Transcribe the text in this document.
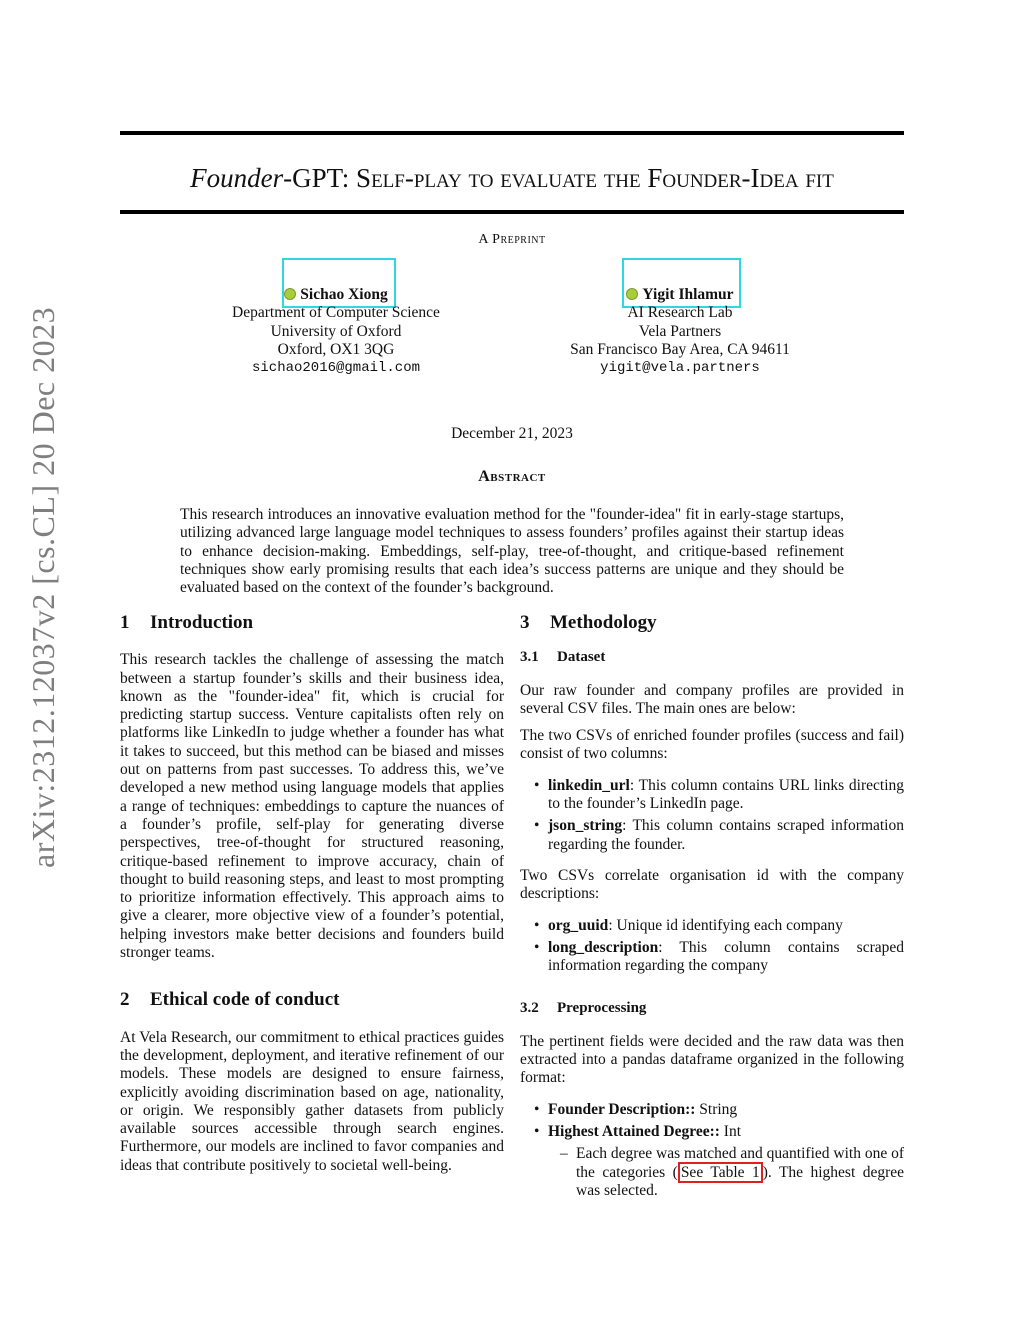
arXiv:2312.12037v2 [cs.CL] 20 Dec 2023
Founder-GPT: Self-play to evaluate the Founder-Idea fit
A Preprint
Sichao Xiong
Department of Computer Science
University of Oxford
Oxford, OX1 3QG
sichao2016@gmail.com
Yigit Ihlamur
AI Research Lab
Vela Partners
San Francisco Bay Area, CA 94611
yigit@vela.partners
December 21, 2023
Abstract
This research introduces an innovative evaluation method for the "founder-idea" fit in early-stage startups, utilizing advanced large language model techniques to assess founders’ profiles against their startup ideas to enhance decision-making. Embeddings, self-play, tree-of-thought, and critique-based refinement techniques show early promising results that each idea’s success patterns are unique and they should be evaluated based on the context of the founder’s background.
1 Introduction

This research tackles the challenge of assessing the match between a startup founder’s skills and their business idea, known as the "founder-idea" fit, which is crucial for predicting startup success. Venture capitalists often rely on platforms like LinkedIn to judge whether a founder has what it takes to succeed, but this method can be biased and misses out on patterns from past successes. To address this, we’ve developed a new method using language models that applies a range of techniques: embeddings to capture the nuances of a founder’s profile, self-play for generating diverse perspectives, tree-of-thought for structured reasoning, critique-based refinement to improve accuracy, chain of thought to build reasoning steps, and least to most prompting to prioritize information effectively. This approach aims to give a clearer, more objective view of a founder’s potential, helping investors make better decisions and founders build stronger teams.

2 Ethical code of conduct

At Vela Research, our commitment to ethical practices guides the development, deployment, and iterative refinement of our models. These models are designed to ensure fairness, explicitly avoiding discrimination based on age, nationality, or origin. We responsibly gather datasets from publicly available sources accessible through search engines. Furthermore, our models are inclined to favor companies and ideas that contribute positively to societal well-being.

3 Methodology
3.1 Dataset

Our raw founder and company profiles are provided in several CSV files. The main ones are below:

The two CSVs of enriched founder profiles (success and fail) consist of two columns:

• linkedin_url: This column contains URL links directing to the founder’s LinkedIn page.
• json_string: This column contains scraped information regarding the founder.

Two CSVs correlate organisation id with the company descriptions:

• org_uuid: Unique id identifying each company
• long_description: This column contains scraped information regarding the company
3.2 Preprocessing

The pertinent fields were decided and the raw data was then extracted into a pandas dataframe organized in the following format:

• Founder Description:: String
• Highest Attained Degree:: Int
– Each degree was matched and quantified with one of the categories ( See Table 1 ). The highest degree was selected.
